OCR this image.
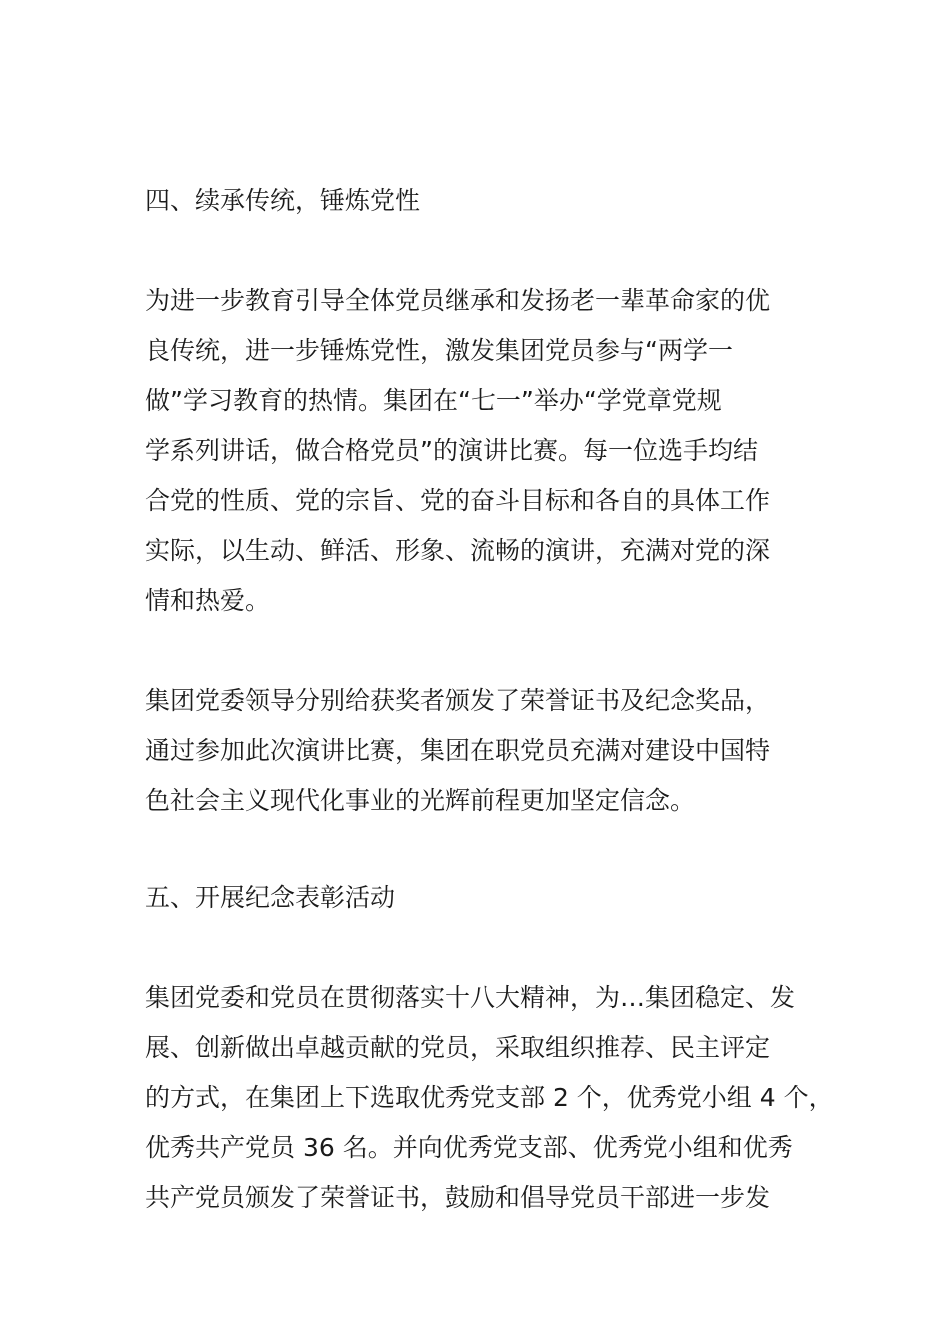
四、续承传统，锤炼党性

为进一步教育引导全体党员继承和发扬老一辈革命家的优
良传统，进一步锤炼党性，激发集团党员参与“两学一
做”学习教育的热情。集团在“七一”举办“学党章党规
学系列讲话，做合格党员”的演讲比赛。每一位选手均结
合党的性质、党的宗旨、党的奋斗目标和各自的具体工作
实际，以生动、鲜活、形象、流畅的演讲，充满对党的深
情和热爱。

集团党委领导分别给获奖者颁发了荣誉证书及纪念奖品，
通过参加此次演讲比赛，集团在职党员充满对建设中国特
色社会主义现代化事业的光辉前程更加坚定信念。

五、开展纪念表彰活动

集团党委和党员在贯彻落实十八大精神，为…集团稳定、发
展、创新做出卓越贡献的党员，采取组织推荐、民主评定
的方式，在集团上下选取优秀党支部 2 个，优秀党小组 4 个，
优秀共产党员 36 名。并向优秀党支部、优秀党小组和优秀
共产党员颁发了荣誉证书，鼓励和倡导党员干部进一步发
